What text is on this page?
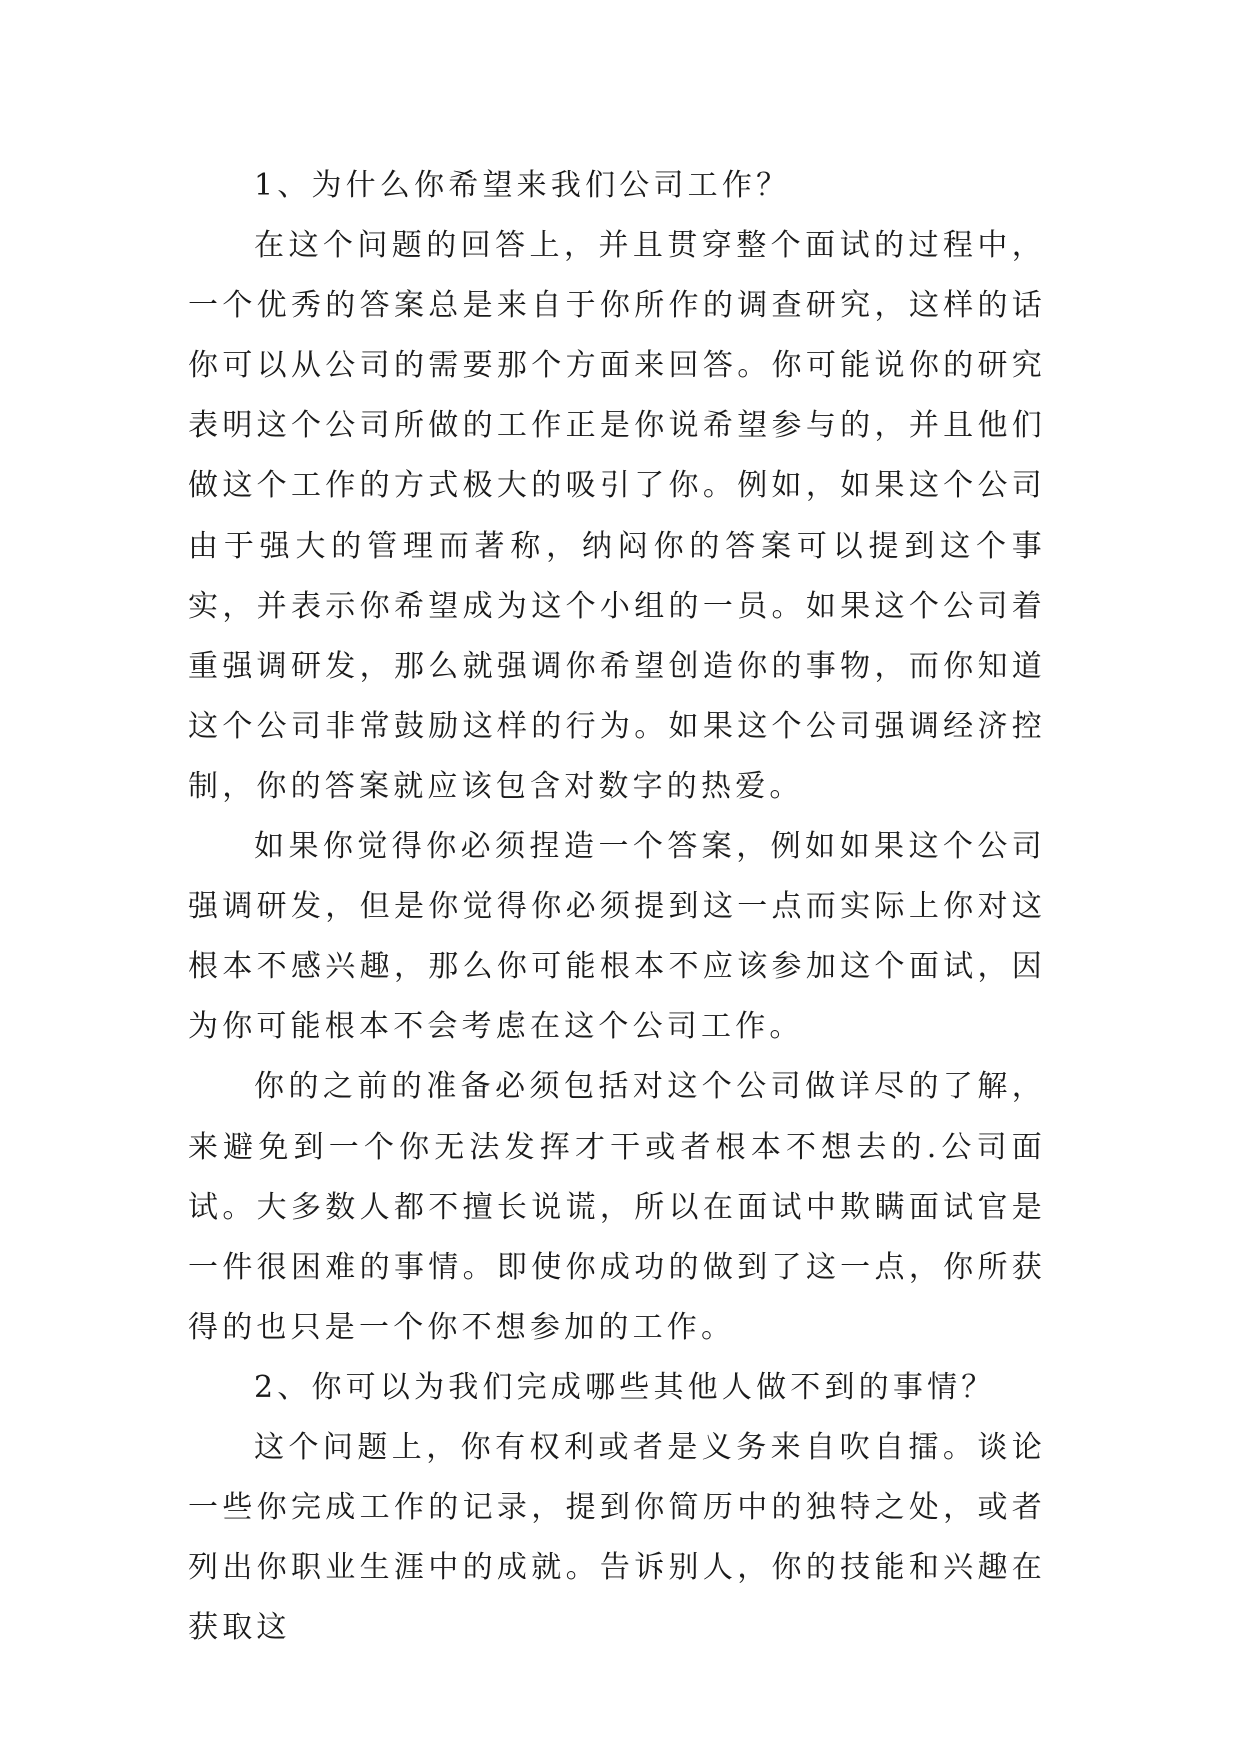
1、为什么你希望来我们公司工作？

在这个问题的回答上，并且贯穿整个面试的过程中，一个优秀的答案总是来自于你所作的调查研究，这样的话你可以从公司的需要那个方面来回答。你可能说你的研究表明这个公司所做的工作正是你说希望参与的，并且他们做这个工作的方式极大的吸引了你。例如，如果这个公司由于强大的管理而著称，纳闷你的答案可以提到这个事实，并表示你希望成为这个小组的一员。如果这个公司着重强调研发，那么就强调你希望创造你的事物，而你知道这个公司非常鼓励这样的行为。如果这个公司强调经济控制，你的答案就应该包含对数字的热爱。

如果你觉得你必须捏造一个答案，例如如果这个公司强调研发，但是你觉得你必须提到这一点而实际上你对这根本不感兴趣，那么你可能根本不应该参加这个面试，因为你可能根本不会考虑在这个公司工作。

你的之前的准备必须包括对这个公司做详尽的了解，来避免到一个你无法发挥才干或者根本不想去的.公司面试。大多数人都不擅长说谎，所以在面试中欺瞒面试官是一件很困难的事情。即使你成功的做到了这一点，你所获得的也只是一个你不想参加的工作。

2、你可以为我们完成哪些其他人做不到的事情？

这个问题上，你有权利或者是义务来自吹自擂。谈论一些你完成工作的记录，提到你简历中的独特之处，或者列出你职业生涯中的成就。告诉别人，你的技能和兴趣在获取这
